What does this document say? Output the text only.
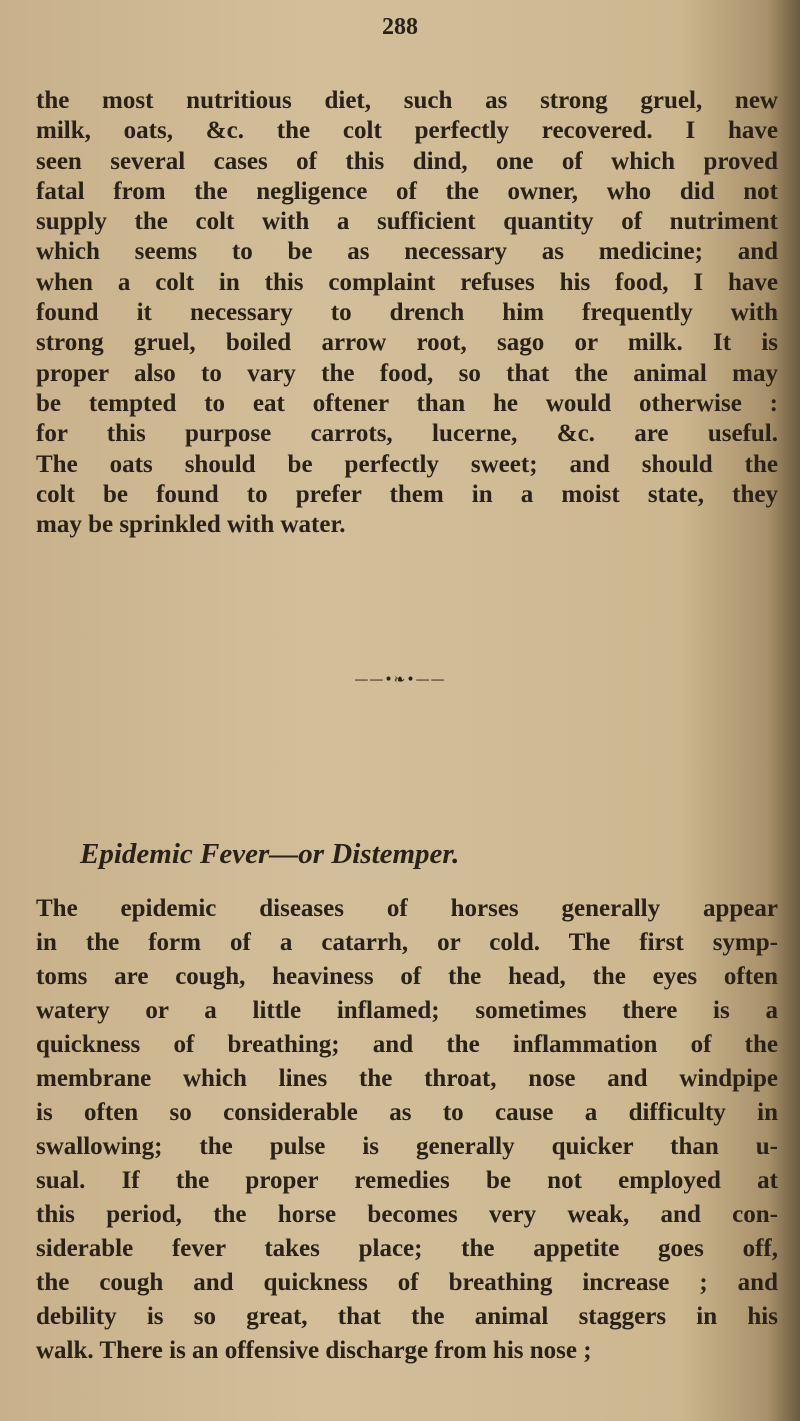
288
the most nutritious diet, such as strong gruel, new
milk, oats, &c. the colt perfectly recovered. I have
seen several cases of this dind, one of which proved
fatal from the negligence of the owner, who did not
supply the colt with a sufficient quantity of nutriment
which seems to be as necessary as medicine; and
when a colt in this complaint refuses his food, I have
found it necessary to drench him frequently with
strong gruel, boiled arrow root, sago or milk. It is
proper also to vary the food, so that the animal may
be tempted to eat oftener than he would otherwise :
for this purpose carrots, lucerne, &c. are useful.
The oats should be perfectly sweet; and should the
colt be found to prefer them in a moist state, they
may be sprinkled with water.
——•❧•——
Epidemic Fever—or Distemper.
The epidemic diseases of horses generally appear
in the form of a catarrh, or cold. The first symp-
toms are cough, heaviness of the head, the eyes often
watery or a little inflamed; sometimes there is a
quickness of breathing; and the inflammation of the
membrane which lines the throat, nose and windpipe
is often so considerable as to cause a difficulty in
swallowing; the pulse is generally quicker than u-
sual. If the proper remedies be not employed at
this period, the horse becomes very weak, and con-
siderable fever takes place; the appetite goes off,
the cough and quickness of breathing increase ; and
debility is so great, that the animal staggers in his
walk. There is an offensive discharge from his nose ;
